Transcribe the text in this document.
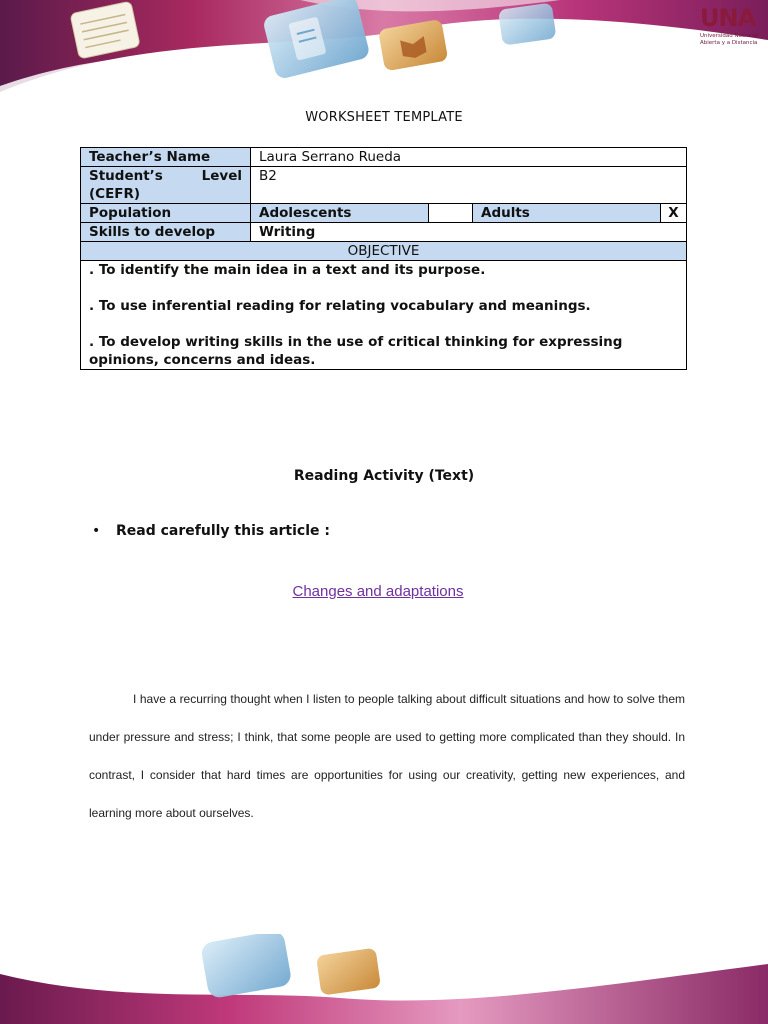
UNA
Universidad Nacional
Abierta y a Distancia
WORKSHEET TEMPLATE
Teacher’s Name	Laura Serrano Rueda			

Student’s Level
(CEFR)	B2			
Population	Adolescents		Adults	X
Skills to develop	Writing			
OBJECTIVE				

. To identify the main idea in a text and its purpose.
. To use inferential reading for relating vocabulary and meanings.
. To develop writing skills in the use of critical thinking for expressing opinions, concerns and ideas.				
Reading Activity (Text)
• Read carefully this article :
Changes and adaptations
I have a recurring thought when I listen to people talking about difficult situations and how to solve them under pressure and stress; I think, that some people are used to getting more complicated than they should. In contrast, I consider that hard times are opportunities for using our creativity, getting new experiences, and learning more about ourselves.
